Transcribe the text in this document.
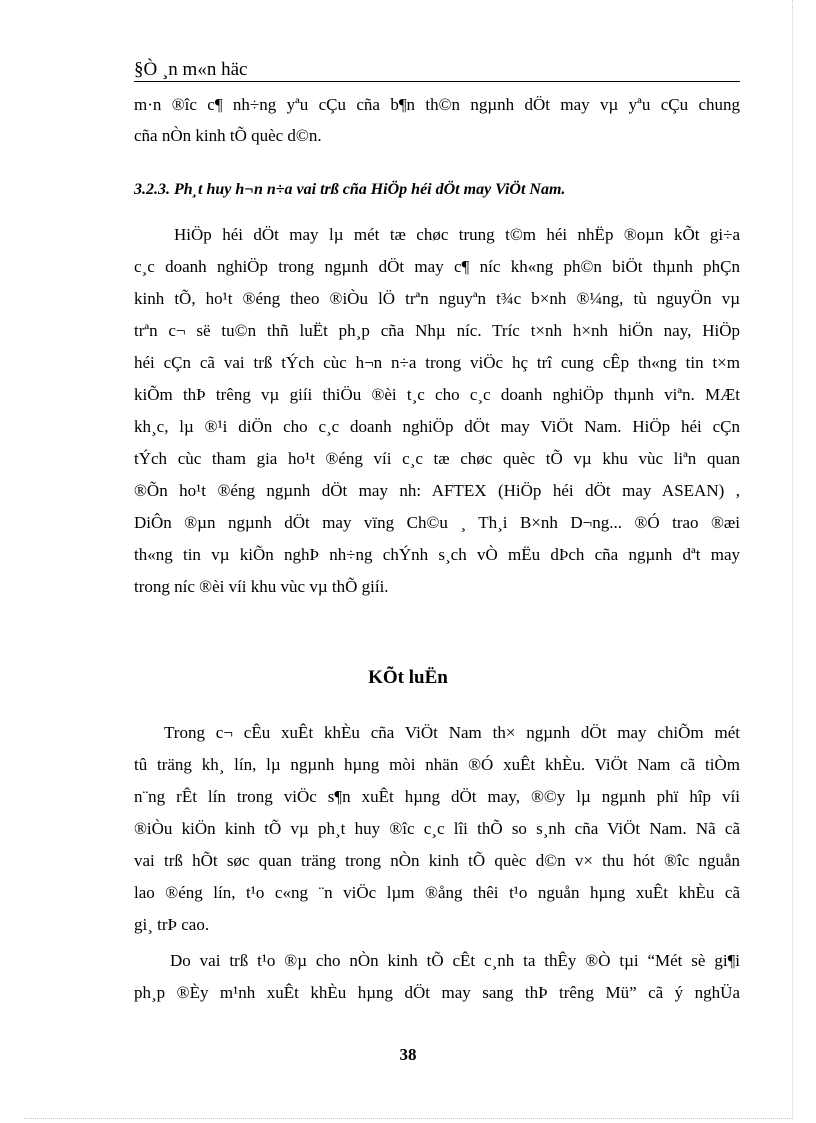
§Ò ¸n m«n häc
m·n ®îc c¶ nh÷ng yªu cÇu cña b¶n th©n ngµnh dÖt may vµ yªu cÇu chung
cña nÒn kinh tÕ quèc d©n.
3.2.3. Ph¸t huy h¬n n÷a vai trß cña HiÖp héi dÖt may ViÖt Nam.
HiÖp héi dÖt may lµ mét tæ chøc trung t©m héi nhËp ®oµn kÕt gi÷a
c¸c doanh nghiÖp trong ngµnh dÖt may c¶ níc kh«ng ph©n biÖt thµnh phÇn
kinh tÕ, ho¹t ®éng theo ®iÒu lÖ trªn nguyªn t¾c b×nh ®¼ng, tù nguyÖn vµ
trªn c¬ së tu©n thñ luËt ph¸p cña Nhµ níc. Tríc t×nh h×nh hiÖn nay, HiÖp
héi cÇn cã vai trß tÝch cùc h¬n n÷a trong viÖc hç trî cung cÊp th«ng tin t×m
kiÕm thÞ trêng vµ giíi thiÖu ®èi t¸c cho c¸c doanh nghiÖp thµnh viªn. MÆt
kh¸c, lµ ®¹i diÖn cho c¸c doanh nghiÖp dÖt may ViÖt Nam. HiÖp héi cÇn
tÝch cùc tham gia ho¹t ®éng víi c¸c tæ chøc quèc tÕ vµ khu vùc liªn quan
®Õn ho¹t ®éng ngµnh dÖt may nh: AFTEX (HiÖp héi dÖt may ASEAN) ,
DiÔn ®µn ngµnh dÖt may vïng Ch©u ¸ Th¸i B×nh D¬ng... ®Ó trao ®æi
th«ng tin vµ kiÕn nghÞ nh÷ng chÝnh s¸ch vÒ mËu dÞch cña ngµnh dªt may
trong níc ®èi víi khu vùc vµ thÕ giíi.
KÕt luËn
Trong c¬ cÊu xuÊt khÈu cña ViÖt Nam th× ngµnh dÖt may chiÕm mét
tû träng kh¸ lín, lµ ngµnh hµng mòi nhän ®Ó xuÊt khÈu. ViÖt Nam cã tiÒm
n¨ng rÊt lín trong viÖc s¶n xuÊt hµng dÖt may, ®©y lµ ngµnh phï hîp víi
®iÒu kiÖn kinh tÕ vµ ph¸t huy ®îc c¸c lîi thÕ so s¸nh cña ViÖt Nam. Nã cã
vai trß hÕt søc quan träng trong nÒn kinh tÕ quèc d©n v× thu hót ®îc nguån
lao ®éng lín, t¹o c«ng ¨n viÖc lµm ®ång thêi t¹o nguån hµng xuÊt khÈu cã
gi¸ trÞ cao.
Do vai trß t¹o ®µ cho nÒn kinh tÕ cÊt c¸nh ta thÊy ®Ò tµi “Mét sè gi¶i
ph¸p ®Èy m¹nh xuÊt khÈu hµng dÖt may sang thÞ trêng Mü” cã ý nghÜa
38
